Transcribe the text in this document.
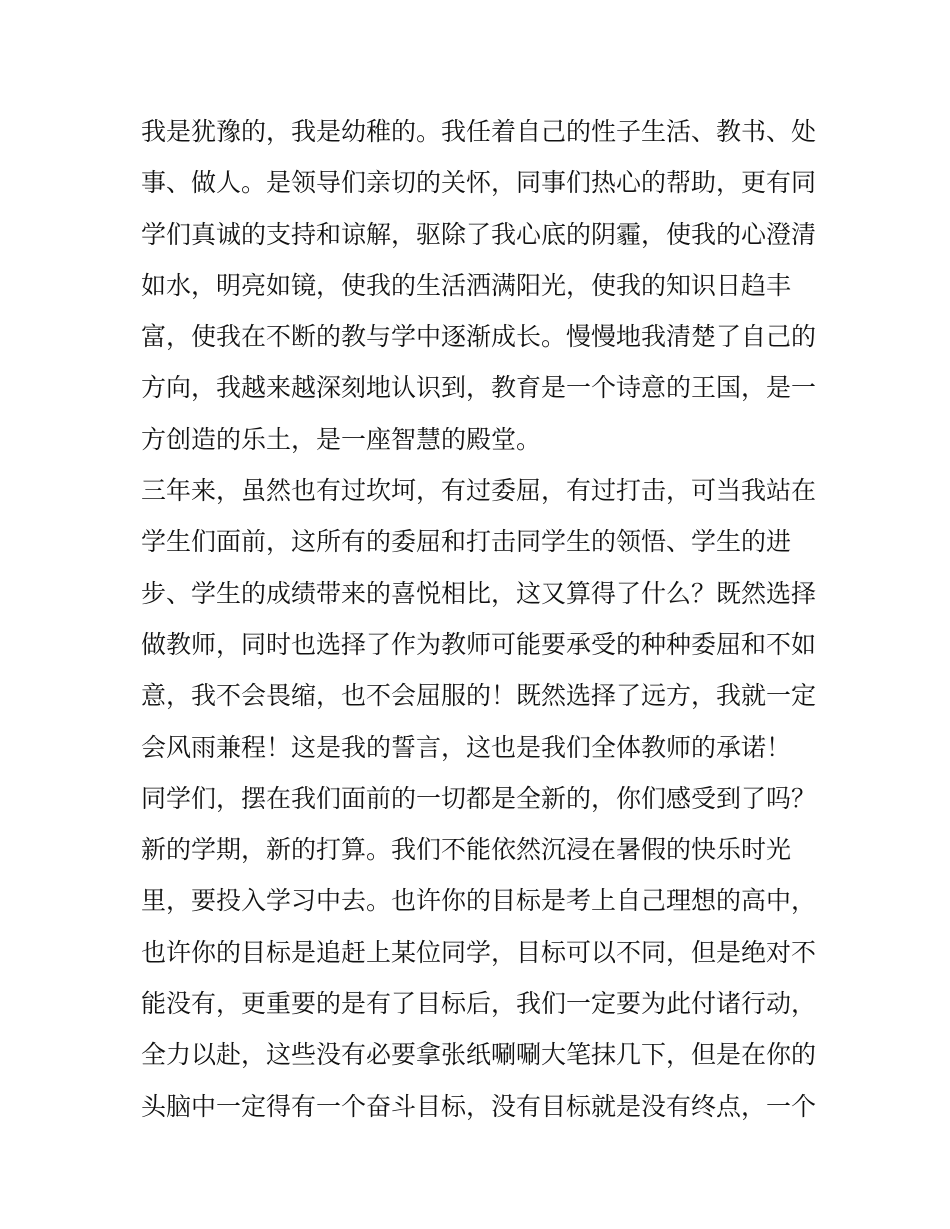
我是犹豫的，我是幼稚的。我任着自己的性子生活、教书、处
事、做人。是领导们亲切的关怀，同事们热心的帮助，更有同
学们真诚的支持和谅解，驱除了我心底的阴霾，使我的心澄清
如水，明亮如镜，使我的生活洒满阳光，使我的知识日趋丰
富，使我在不断的教与学中逐渐成长。慢慢地我清楚了自己的
方向，我越来越深刻地认识到，教育是一个诗意的王国，是一
方创造的乐土，是一座智慧的殿堂。
三年来，虽然也有过坎坷，有过委屈，有过打击，可当我站在
学生们面前，这所有的委屈和打击同学生的领悟、学生的进
步、学生的成绩带来的喜悦相比，这又算得了什么？既然选择
做教师，同时也选择了作为教师可能要承受的种种委屈和不如
意，我不会畏缩，也不会屈服的！既然选择了远方，我就一定
会风雨兼程！这是我的誓言，这也是我们全体教师的承诺！
同学们，摆在我们面前的一切都是全新的，你们感受到了吗？
新的学期，新的打算。我们不能依然沉浸在暑假的快乐时光
里，要投入学习中去。也许你的目标是考上自己理想的高中，
也许你的目标是追赶上某位同学，目标可以不同，但是绝对不
能没有，更重要的是有了目标后，我们一定要为此付诸行动，
全力以赴，这些没有必要拿张纸唰唰大笔抹几下，但是在你的
头脑中一定得有一个奋斗目标，没有目标就是没有终点，一个
